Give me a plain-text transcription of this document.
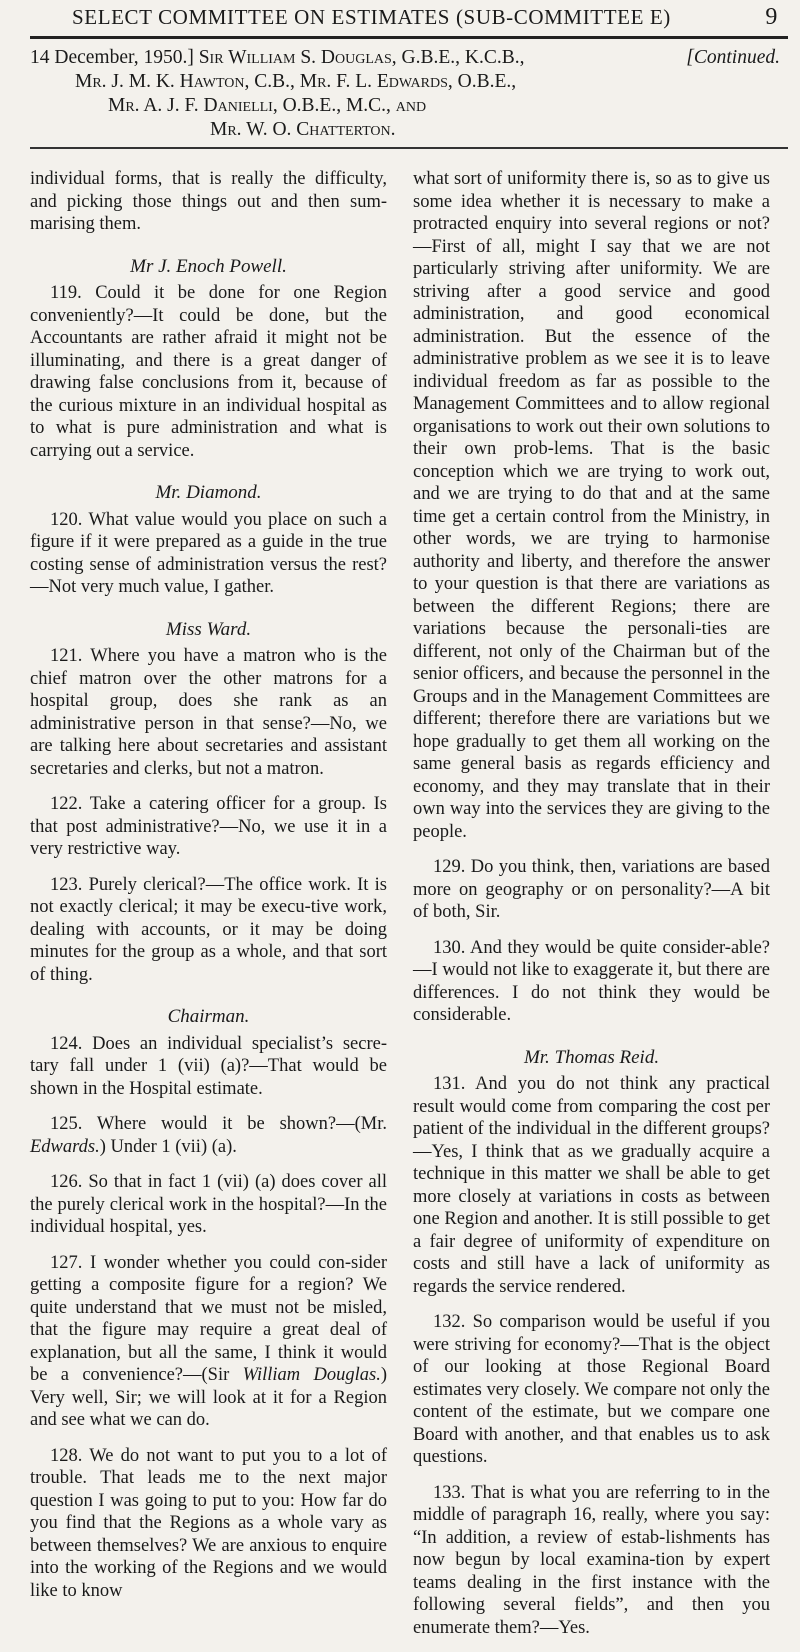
SELECT COMMITTEE ON ESTIMATES (SUB-COMMITTEE E)	9
14 December, 1950.] Sir William S. Douglas, G.B.E., K.C.B.,	[Continued.
Mr. J. M. K. Hawton, C.B., Mr. F. L. Edwards, O.B.E.,
Mr. A. J. F. Danielli, O.B.E., M.C., and
Mr. W. O. Chatterton.

individual forms, that is really the difficulty, and picking those things out and then sum-marising them.

Mr J. Enoch Powell.

119. Could it be done for one Region conveniently?—It could be done, but the Accountants are rather afraid it might not be illuminating, and there is a great danger of drawing false conclusions from it, because of the curious mixture in an individual hospital as to what is pure administration and what is carrying out a service.

Mr. Diamond.

120. What value would you place on such a figure if it were prepared as a guide in the true costing sense of administration versus the rest?—Not very much value, I gather.

Miss Ward.

121. Where you have a matron who is the chief matron over the other matrons for a hospital group, does she rank as an administrative person in that sense?—No, we are talking here about secretaries and assistant secretaries and clerks, but not a matron.

122. Take a catering officer for a group. Is that post administrative?—No, we use it in a very restrictive way.

123. Purely clerical?—The office work. It is not exactly clerical; it may be execu-tive work, dealing with accounts, or it may be doing minutes for the group as a whole, and that sort of thing.

Chairman.

124. Does an individual specialist’s secre-tary fall under 1 (vii) (a)?—That would be shown in the Hospital estimate.

125. Where would it be shown?—(Mr. Edwards.) Under 1 (vii) (a).

126. So that in fact 1 (vii) (a) does cover all the purely clerical work in the hospital?—In the individual hospital, yes.

127. I wonder whether you could con-sider getting a composite figure for a region? We quite understand that we must not be misled, that the figure may require a great deal of explanation, but all the same, I think it would be a convenience?—(Sir William Douglas.) Very well, Sir; we will look at it for a Region and see what we can do.

128. We do not want to put you to a lot of trouble. That leads me to the next major question I was going to put to you: How far do you find that the Regions as a whole vary as between themselves? We are anxious to enquire into the working of the Regions and we would like to know

what sort of uniformity there is, so as to give us some idea whether it is necessary to make a protracted enquiry into several regions or not?—First of all, might I say that we are not particularly striving after uniformity. We are striving after a good service and good administration, and good economical administration. But the essence of the administrative problem as we see it is to leave individual freedom as far as possible to the Management Committees and to allow regional organisations to work out their own solutions to their own prob-lems. That is the basic conception which we are trying to work out, and we are trying to do that and at the same time get a certain control from the Ministry, in other words, we are trying to harmonise authority and liberty, and therefore the answer to your question is that there are variations as between the different Regions; there are variations because the personali-ties are different, not only of the Chairman but of the senior officers, and because the personnel in the Groups and in the Management Committees are different; therefore there are variations but we hope gradually to get them all working on the same general basis as regards efficiency and economy, and they may translate that in their own way into the services they are giving to the people.

129. Do you think, then, variations are based more on geography or on personality?—A bit of both, Sir.

130. And they would be quite consider-able?—I would not like to exaggerate it, but there are differences. I do not think they would be considerable.

Mr. Thomas Reid.

131. And you do not think any practical result would come from comparing the cost per patient of the individual in the different groups?—Yes, I think that as we gradually acquire a technique in this matter we shall be able to get more closely at variations in costs as between one Region and another. It is still possible to get a fair degree of uniformity of expenditure on costs and still have a lack of uniformity as regards the service rendered.

132. So comparison would be useful if you were striving for economy?—That is the object of our looking at those Regional Board estimates very closely. We compare not only the content of the estimate, but we compare one Board with another, and that enables us to ask questions.

133. That is what you are referring to in the middle of paragraph 16, really, where you say: “In addition, a review of estab-lishments has now begun by local examina-tion by expert teams dealing in the first instance with the following several fields”, and then you enumerate them?—Yes.
